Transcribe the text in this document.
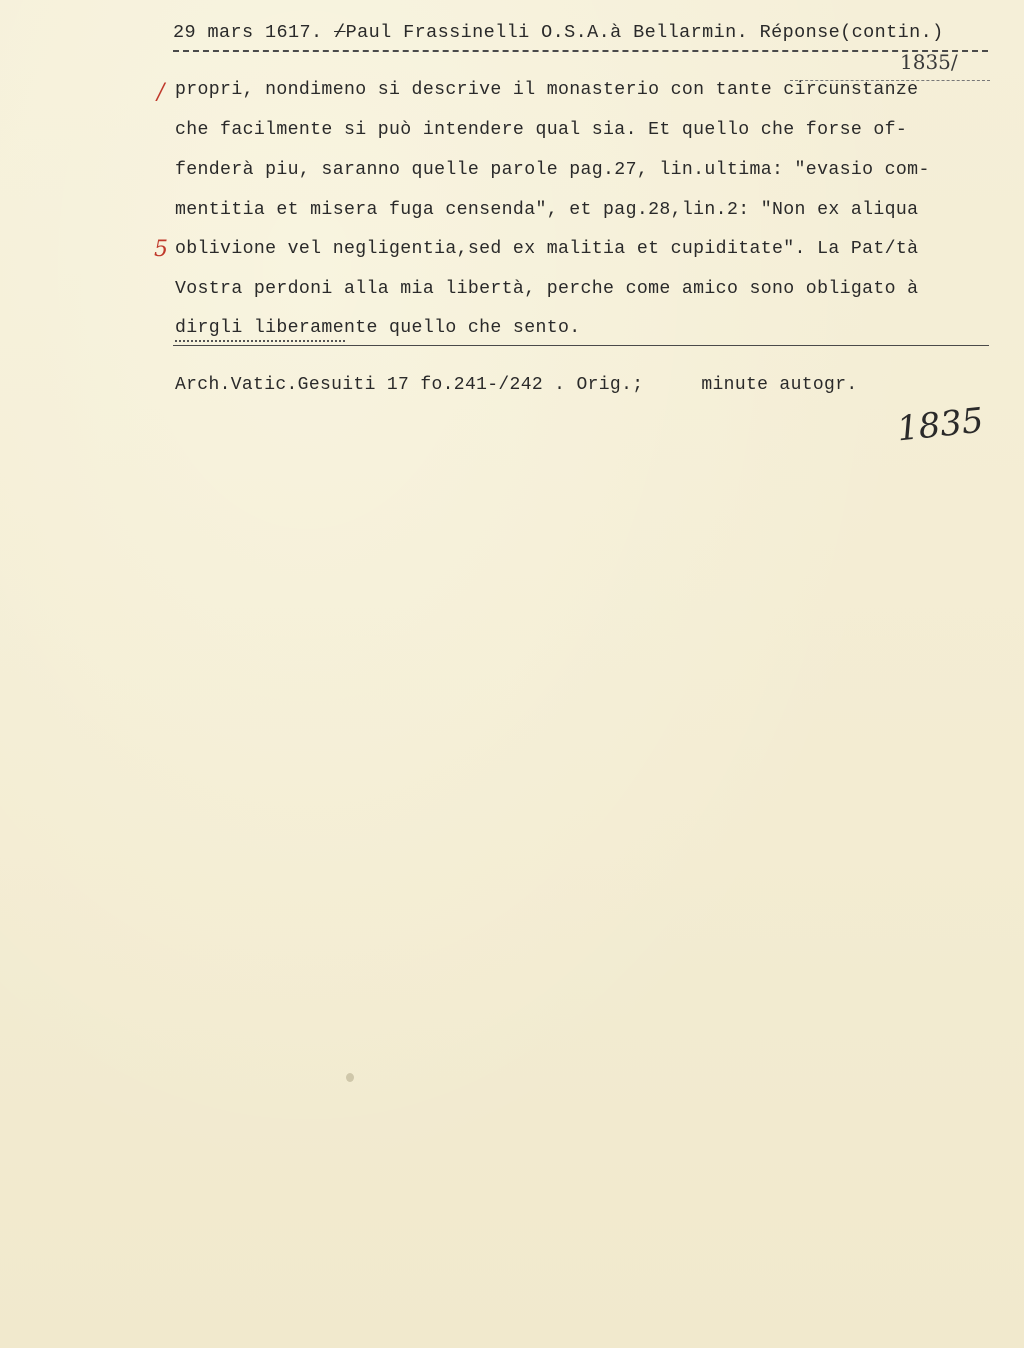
29 mars 1617. /Paul Frassinelli O.S.A.à Bellarmin. Réponse(contin.)
1835/
/
5
propri, nondimeno si descrive il monasterio con tante circunstanze
che facilmente si può intendere qual sia. Et quello che forse of-
fenderà piu, saranno quelle parole pag.27, lin.ultima: "evasio com-
mentitia et misera fuga censenda", et pag.28,lin.2: "Non ex aliqua
oblivione vel negligentia,sed ex malitia et cupiditate". La Pat/tà
Vostra perdoni alla mia libertà, perche come amico sono obligato à
dirgli liberamente quello che sento.
Arch.Vatic.Gesuiti 17 fo.241-/242 . Orig.;	minute autogr.
1835
